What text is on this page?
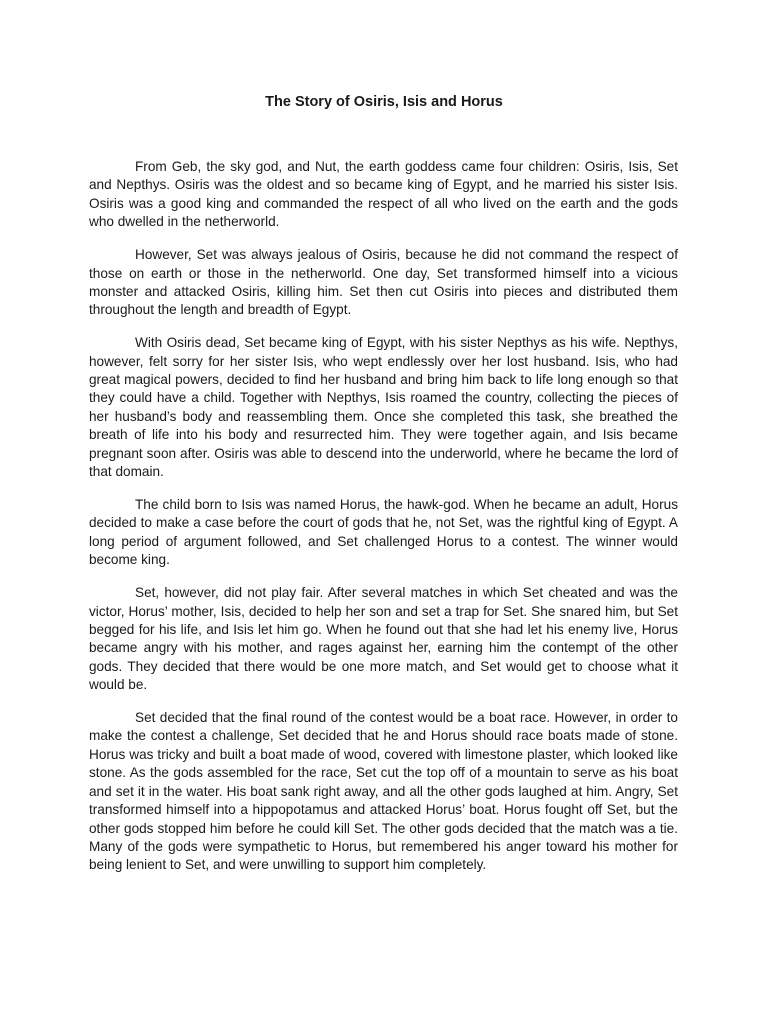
The Story of Osiris, Isis and Horus

From Geb, the sky god, and Nut, the earth goddess came four children: Osiris, Isis, Set and Nepthys. Osiris was the oldest and so became king of Egypt, and he married his sister Isis. Osiris was a good king and commanded the respect of all who lived on the earth and the gods who dwelled in the netherworld.

However, Set was always jealous of Osiris, because he did not command the respect of those on earth or those in the netherworld. One day, Set transformed himself into a vicious monster and attacked Osiris, killing him. Set then cut Osiris into pieces and distributed them throughout the length and breadth of Egypt.

With Osiris dead, Set became king of Egypt, with his sister Nepthys as his wife. Nepthys, however, felt sorry for her sister Isis, who wept endlessly over her lost husband. Isis, who had great magical powers, decided to find her husband and bring him back to life long enough so that they could have a child. Together with Nepthys, Isis roamed the country, collecting the pieces of her husband’s body and reassembling them. Once she completed this task, she breathed the breath of life into his body and resurrected him. They were together again, and Isis became pregnant soon after. Osiris was able to descend into the underworld, where he became the lord of that domain.

The child born to Isis was named Horus, the hawk-god. When he became an adult, Horus decided to make a case before the court of gods that he, not Set, was the rightful king of Egypt. A long period of argument followed, and Set challenged Horus to a contest. The winner would become king.

Set, however, did not play fair. After several matches in which Set cheated and was the victor, Horus’ mother, Isis, decided to help her son and set a trap for Set. She snared him, but Set begged for his life, and Isis let him go. When he found out that she had let his enemy live, Horus became angry with his mother, and rages against her, earning him the contempt of the other gods. They decided that there would be one more match, and Set would get to choose what it would be.

Set decided that the final round of the contest would be a boat race. However, in order to make the contest a challenge, Set decided that he and Horus should race boats made of stone. Horus was tricky and built a boat made of wood, covered with limestone plaster, which looked like stone. As the gods assembled for the race, Set cut the top off of a mountain to serve as his boat and set it in the water. His boat sank right away, and all the other gods laughed at him. Angry, Set transformed himself into a hippopotamus and attacked Horus’ boat. Horus fought off Set, but the other gods stopped him before he could kill Set. The other gods decided that the match was a tie. Many of the gods were sympathetic to Horus, but remembered his anger toward his mother for being lenient to Set, and were unwilling to support him completely.
